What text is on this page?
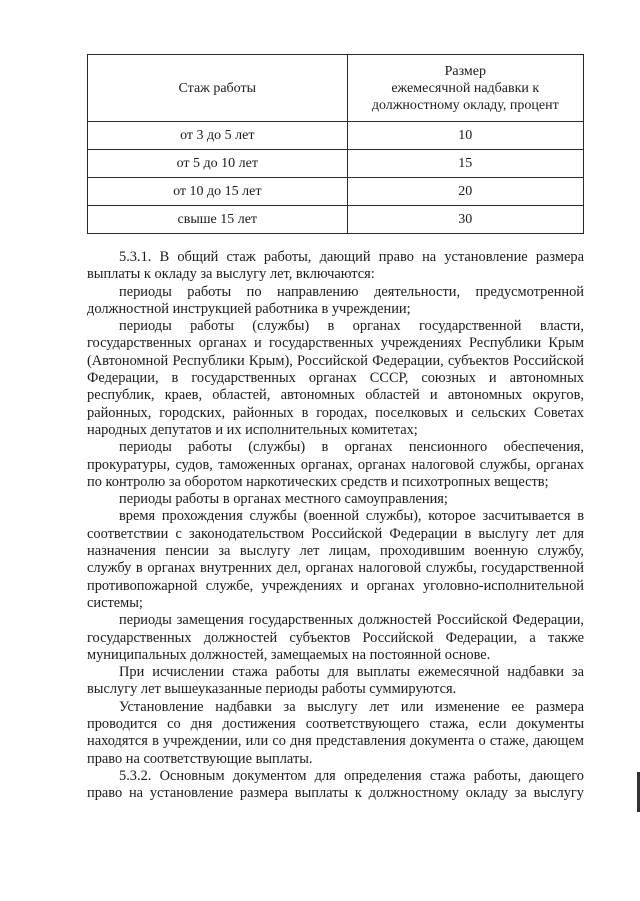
Стаж работы	Размер
ежемесячной надбавки к
должностному окладу, процент

от 3 до 5 лет	10
от 5 до 10 лет	15
от 10 до 15 лет	20
свыше 15 лет	30

5.3.1. В общий стаж работы, дающий право на установление размера выплаты к окладу за выслугу лет, включаются:

периоды работы по направлению деятельности, предусмотренной должностной инструкцией работника в учреждении;

периоды работы (службы) в органах государственной власти, государственных органах и государственных учреждениях Республики Крым (Автономной Республики Крым), Российской Федерации, субъектов Российской Федерации, в государственных органах СССР, союзных и автономных республик, краев, областей, автономных областей и автономных округов, районных, городских, районных в городах, поселковых и сельских Советах народных депутатов и их исполнительных комитетах;

периоды работы (службы) в органах пенсионного обеспечения, прокуратуры, судов, таможенных органах, органах налоговой службы, органах по контролю за оборотом наркотических средств и психотропных веществ;

периоды работы в органах местного самоуправления;

время прохождения службы (военной службы), которое засчитывается в соответствии с законодательством Российской Федерации в выслугу лет для назначения пенсии за выслугу лет лицам, проходившим военную службу, службу в органах внутренних дел, органах налоговой службы, государственной противопожарной службе, учреждениях и органах уголовно-исполнительной системы;

периоды замещения государственных должностей Российской Федерации, государственных должностей субъектов Российской Федерации, а также муниципальных должностей, замещаемых на постоянной основе.

При исчислении стажа работы для выплаты ежемесячной надбавки за выслугу лет вышеуказанные периоды работы суммируются.

Установление надбавки за выслугу лет или изменение ее размера проводится со дня достижения соответствующего стажа, если документы находятся в учреждении, или со дня представления документа о стаже, дающем право на соответствующие выплаты.

5.3.2. Основным документом для определения стажа работы, дающего право на установление размера выплаты к должностному окладу за выслугу
